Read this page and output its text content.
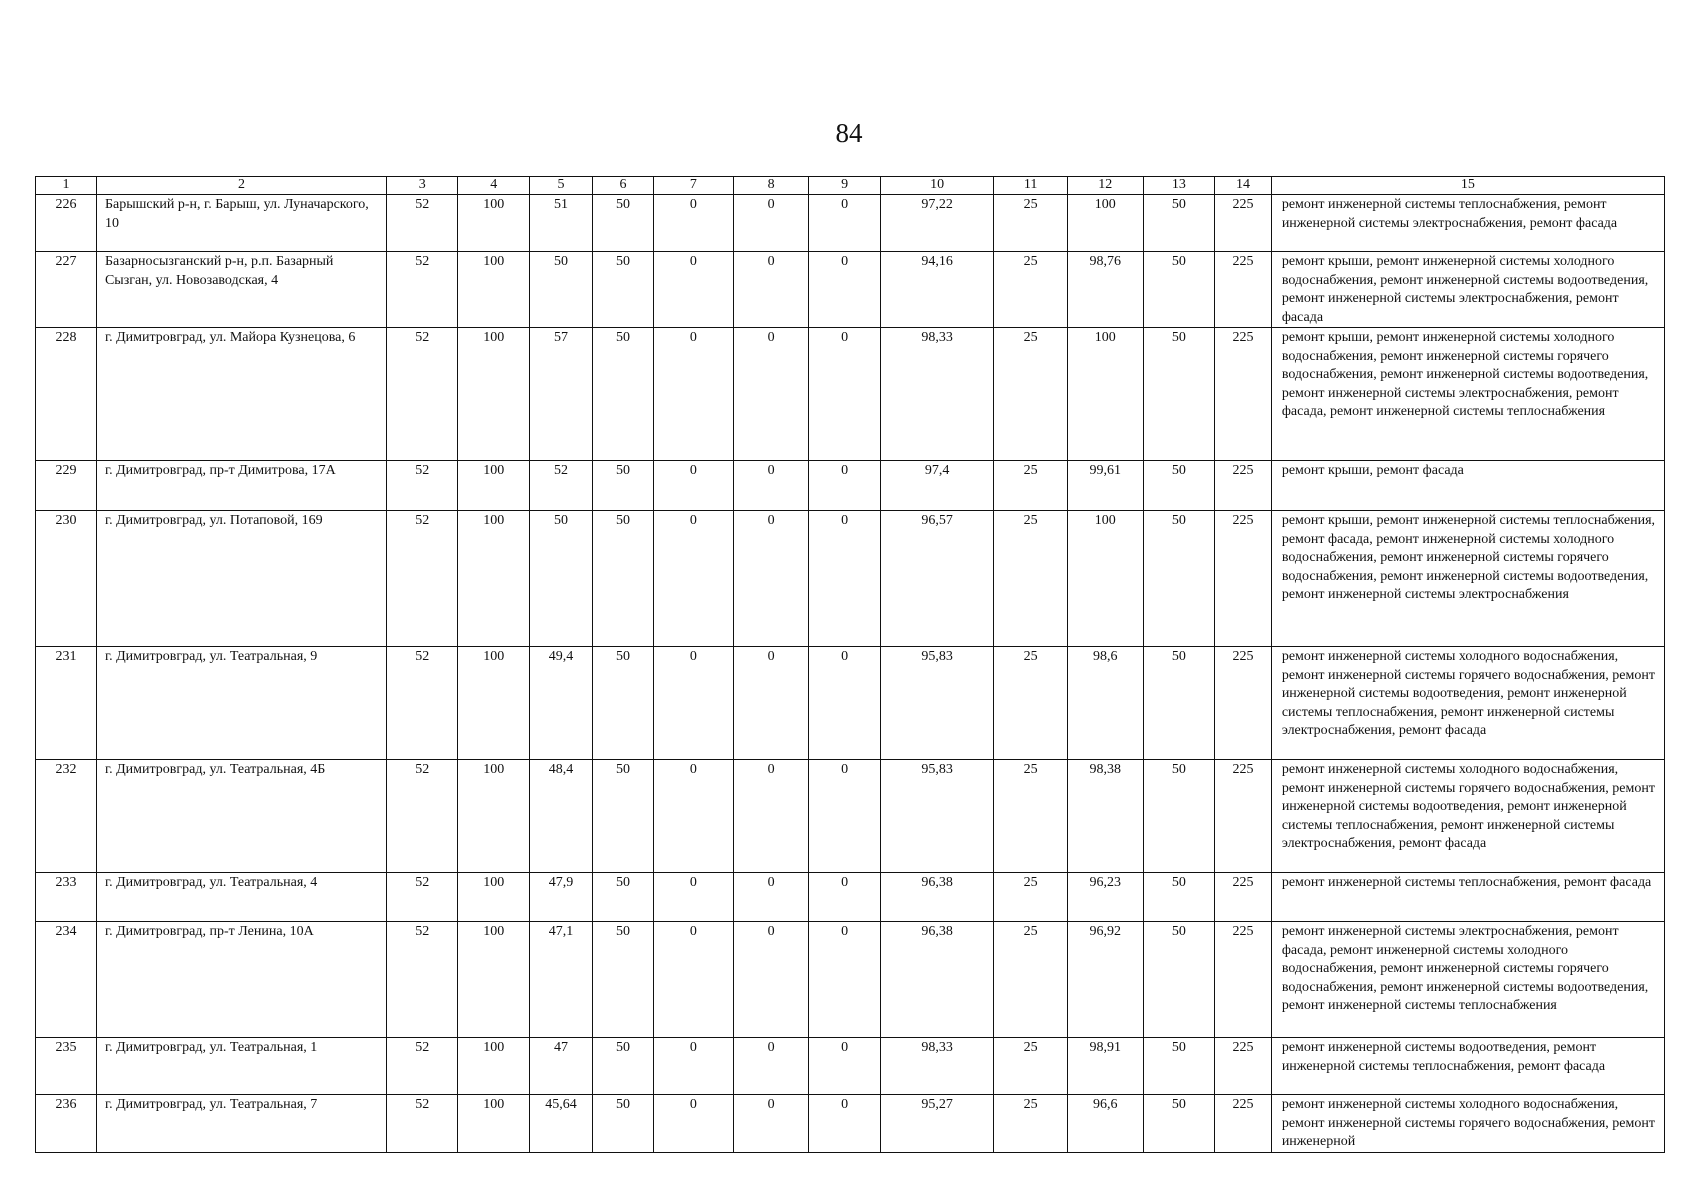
84
1	2	3	4	5	6	7	8	9	10	11	12	13	14	15
226	Барышский р-н, г. Барыш, ул. Луначарского, 10	52	100	51	50	0	0	0	97,22	25	100	50	225	ремонт инженерной системы теплоснабжения, ремонт инженерной системы электроснабжения, ремонт фасада
227	Базарносызганский р-н, р.п. Базарный Сызган, ул. Новозаводская, 4	52	100	50	50	0	0	0	94,16	25	98,76	50	225	ремонт крыши, ремонт инженерной системы холодного водоснабжения, ремонт инженерной системы водоотведения, ремонт инженерной системы электроснабжения, ремонт фасада
228	г. Димитровград, ул. Майора Кузнецова, 6	52	100	57	50	0	0	0	98,33	25	100	50	225	ремонт крыши, ремонт инженерной системы холодного водоснабжения, ремонт инженерной системы горячего водоснабжения, ремонт инженерной системы водоотведения, ремонт инженерной системы электроснабжения, ремонт фасада, ремонт инженерной системы теплоснабжения
229	г. Димитровград, пр-т Димитрова, 17А	52	100	52	50	0	0	0	97,4	25	99,61	50	225	ремонт крыши, ремонт фасада
230	г. Димитровград, ул. Потаповой, 169	52	100	50	50	0	0	0	96,57	25	100	50	225	ремонт крыши, ремонт инженерной системы теплоснабжения, ремонт фасада, ремонт инженерной системы холодного водоснабжения, ремонт инженерной системы горячего водоснабжения, ремонт инженерной системы водоотведения, ремонт инженерной системы электроснабжения
231	г. Димитровград, ул. Театральная, 9	52	100	49,4	50	0	0	0	95,83	25	98,6	50	225	ремонт инженерной системы холодного водоснабжения, ремонт инженерной системы горячего водоснабжения, ремонт инженерной системы водоотведения, ремонт инженерной системы теплоснабжения, ремонт инженерной системы электроснабжения, ремонт фасада
232	г. Димитровград, ул. Театральная, 4Б	52	100	48,4	50	0	0	0	95,83	25	98,38	50	225	ремонт инженерной системы холодного водоснабжения, ремонт инженерной системы горячего водоснабжения, ремонт инженерной системы водоотведения, ремонт инженерной системы теплоснабжения, ремонт инженерной системы электроснабжения, ремонт фасада
233	г. Димитровград, ул. Театральная, 4	52	100	47,9	50	0	0	0	96,38	25	96,23	50	225	ремонт инженерной системы теплоснабжения, ремонт фасада
234	г. Димитровград, пр-т Ленина, 10А	52	100	47,1	50	0	0	0	96,38	25	96,92	50	225	ремонт инженерной системы электроснабжения, ремонт фасада, ремонт инженерной системы холодного водоснабжения, ремонт инженерной системы горячего водоснабжения, ремонт инженерной системы водоотведения, ремонт инженерной системы теплоснабжения
235	г. Димитровград, ул. Театральная, 1	52	100	47	50	0	0	0	98,33	25	98,91	50	225	ремонт инженерной системы водоотведения, ремонт инженерной системы теплоснабжения, ремонт фасада
236	г. Димитровград, ул. Театральная, 7	52	100	45,64	50	0	0	0	95,27	25	96,6	50	225	ремонт инженерной системы холодного водоснабжения, ремонт инженерной системы горячего водоснабжения, ремонт инженерной
